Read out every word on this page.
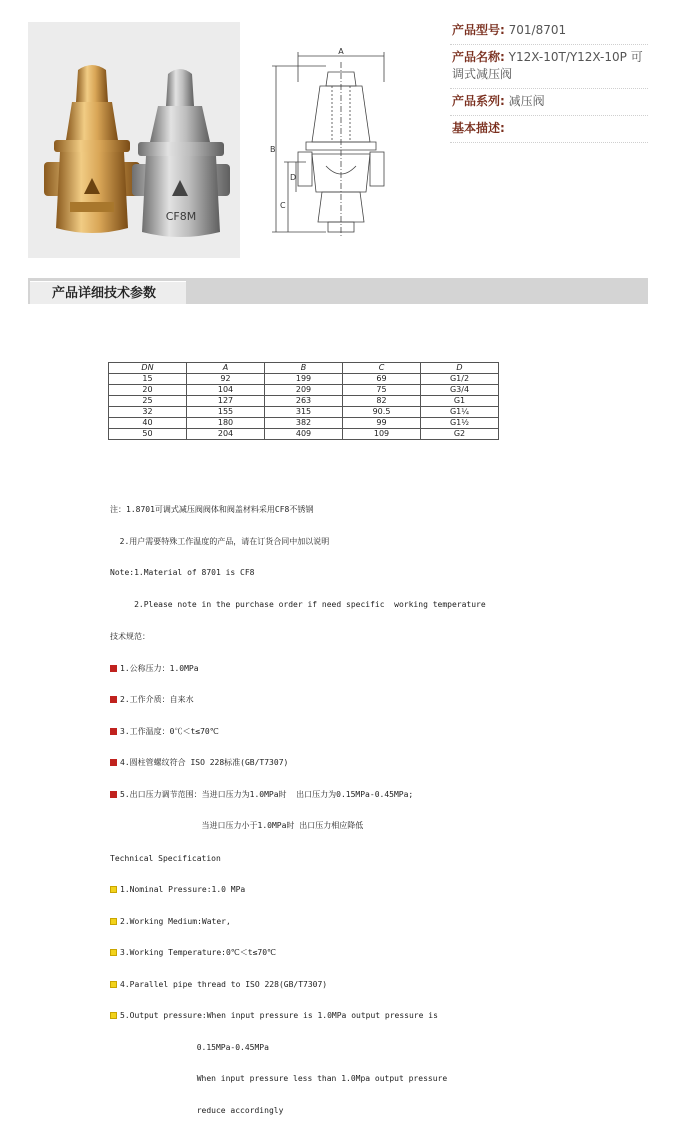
CF8M
A
B
C
D
产品型号: 701/8701
产品名称: Y12X-10T/Y12X-10P 可调式减压阀
产品系列: 减压阀
基本描述:
产品详细技术参数
DN	A	B	C	D
15	92	199	69	G1/2
20	104	209	75	G3/4
25	127	263	82	G1
32	155	315	90.5	G1¼
40	180	382	99	G1½
50	204	409	109	G2

注：1.8701可调式减压阀阀体和阀盖材料采用CF8不锈钢

2.用户需要特殊工作温度的产品，请在订货合同中加以说明

Note:1.Material of 8701 is CF8

2.Please note in the purchase order if need specific  working temperature

技术规范：

1.公称压力：1.0MPa

2.工作介质：自来水

3.工作温度：0℃＜t≤70℃

4.圆柱管螺纹符合 ISO 228标准(GB/T7307)

5.出口压力调节范围：当进口压力为1.0MPa时  出口压力为0.15MPa-0.45MPa;

当进口压力小于1.0MPa时 出口压力相应降低

Technical Specification

1.Nominal Pressure:1.0 MPa

2.Working Medium:Water,

3.Working Temperature:0℃＜t≤70℃

4.Parallel pipe thread to ISO 228(GB/T7307)

5.Output pressure:When input pressure is 1.0MPa output pressure is

0.15MPa-0.45MPa

When input pressure less than 1.0Mpa output pressure

reduce accordingly
